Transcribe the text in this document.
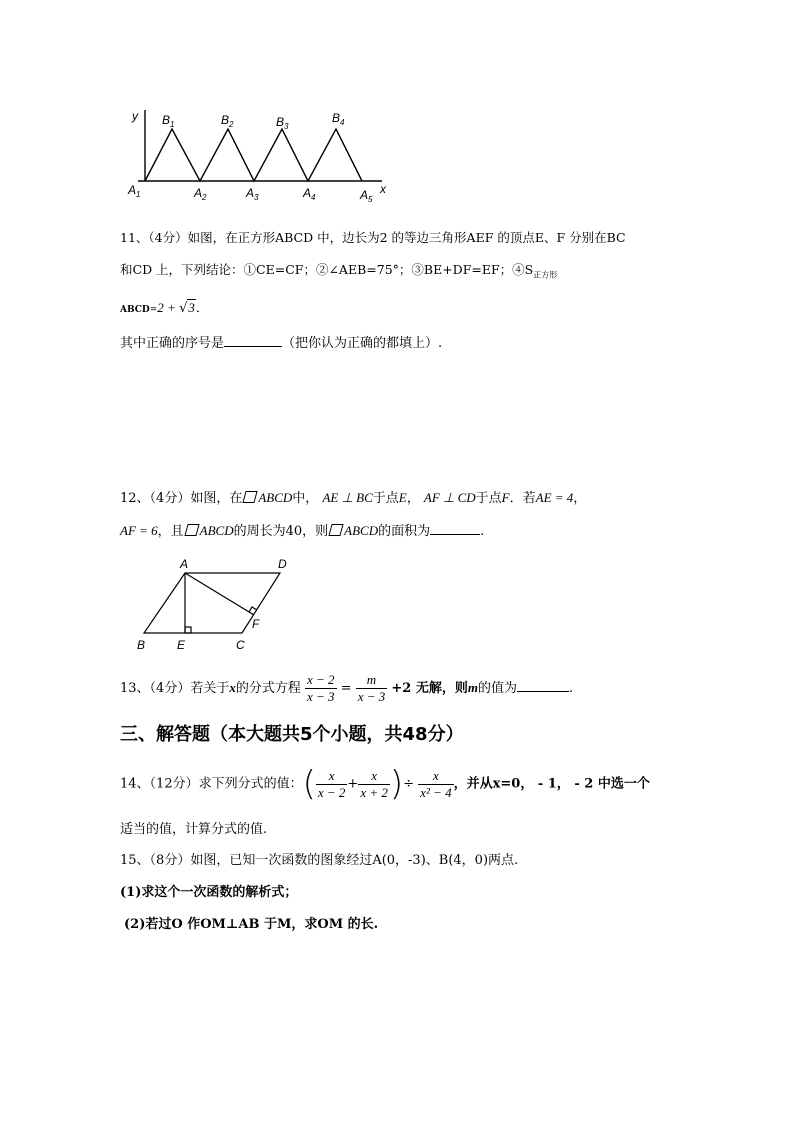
y
x
$B_1$	$B_2$	$B_3$
$B_4$
$A_1$	$A_2$	$A_3$	$A_4$	$A_5$
11、（4分）如图，在正方形ABCD 中，边长为2 的等边三角形AEF 的顶点E、F 分别在BC
和CD 上，下列结论：①CE=CF；②∠AEB=75°；③BE+DF=EF；$④S_{正方形}$
ABCD=2 + √3．
其中正确的序号是	（把你认为正确的都填上）.
12、（4分）如图，在 ABCD中， AE ⊥ BC于点E， AF ⊥ CD于点F．若AE = 4，
AF = 6，且 ABCD的周长为40，则 ABCD的面积为	.
A	D
B	E	C
F
13、（4分）若关于x的分式方程 $\frac{x - 2}{x - 3} = \frac{m}{x - 3} +2$ 无解，则m的值为	.
三、解答题（本大题共5个小题，共48分）
14、（12分）求下列分式的值：( $\frac{x}{x - 2} + \frac{x}{x + 2}$ )÷ $\frac{x}{\text{x² − 4}}$ ，并从x=0， - 1， - 2 中选一个
适当的值，计算分式的值.
15、（8分）如图，已知一次函数的图象经过A(0，-3)、B(4，0)两点.
(1)求这个一次函数的解析式；
(2)若过O 作OM⊥AB 于M，求OM 的长.
